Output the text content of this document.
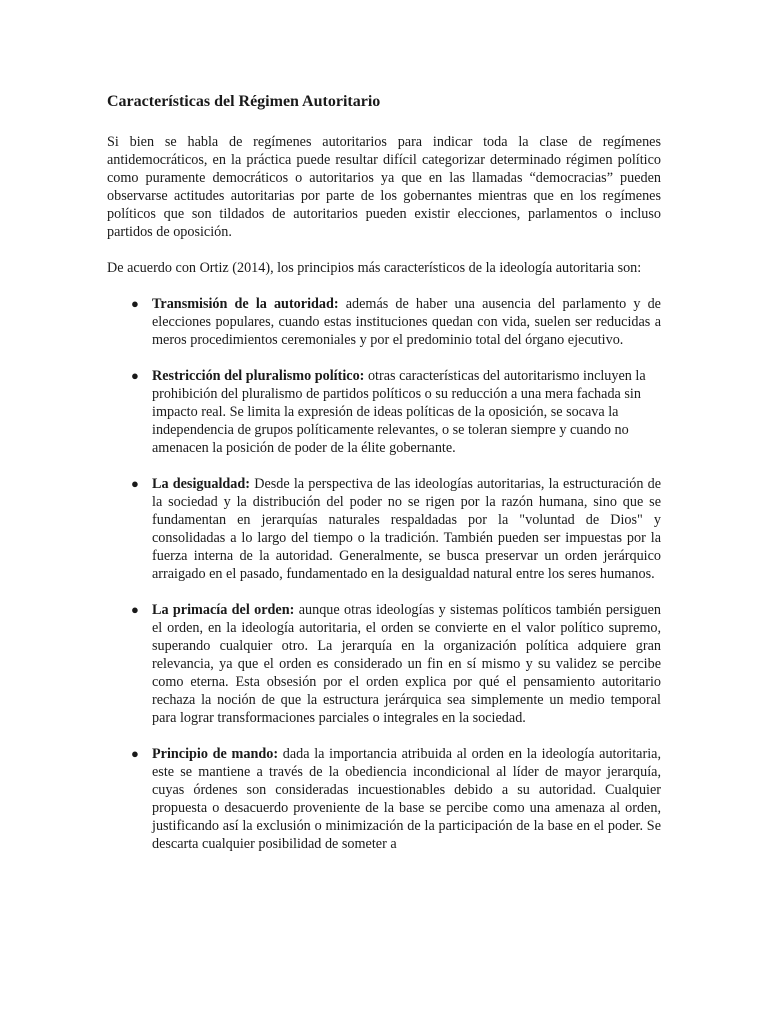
Características del Régimen Autoritario

Si bien se habla de regímenes autoritarios para indicar toda la clase de regímenes antidemocráticos, en la práctica puede resultar difícil categorizar determinado régimen político como puramente democráticos o autoritarios ya que en las llamadas “democracias” pueden observarse actitudes autoritarias por parte de los gobernantes mientras que en los regímenes políticos que son tildados de autoritarios pueden existir elecciones, parlamentos o incluso partidos de oposición.

De acuerdo con Ortiz (2014), los principios más característicos de la ideología autoritaria son:

● Transmisión de la autoridad: además de haber una ausencia del parlamento y de elecciones populares, cuando estas instituciones quedan con vida, suelen ser reducidas a meros procedimientos ceremoniales y por el predominio total del órgano ejecutivo.
● Restricción del pluralismo político: otras características del autoritarismo incluyen la prohibición del pluralismo de partidos políticos o su reducción a una mera fachada sin impacto real. Se limita la expresión de ideas políticas de la oposición, se socava la independencia de grupos políticamente relevantes, o se toleran siempre y cuando no amenacen la posición de poder de la élite gobernante.
● La desigualdad: Desde la perspectiva de las ideologías autoritarias, la estructuración de la sociedad y la distribución del poder no se rigen por la razón humana, sino que se fundamentan en jerarquías naturales respaldadas por la "voluntad de Dios" y consolidadas a lo largo del tiempo o la tradición. También pueden ser impuestas por la fuerza interna de la autoridad. Generalmente, se busca preservar un orden jerárquico arraigado en el pasado, fundamentado en la desigualdad natural entre los seres humanos.
● La primacía del orden: aunque otras ideologías y sistemas políticos también persiguen el orden, en la ideología autoritaria, el orden se convierte en el valor político supremo, superando cualquier otro. La jerarquía en la organización política adquiere gran relevancia, ya que el orden es considerado un fin en sí mismo y su validez se percibe como eterna. Esta obsesión por el orden explica por qué el pensamiento autoritario rechaza la noción de que la estructura jerárquica sea simplemente un medio temporal para lograr transformaciones parciales o integrales en la sociedad.
● Principio de mando: dada la importancia atribuida al orden en la ideología autoritaria, este se mantiene a través de la obediencia incondicional al líder de mayor jerarquía, cuyas órdenes son consideradas incuestionables debido a su autoridad. Cualquier propuesta o desacuerdo proveniente de la base se percibe como una amenaza al orden, justificando así la exclusión o minimización de la participación de la base en el poder. Se descarta cualquier posibilidad de someter a
